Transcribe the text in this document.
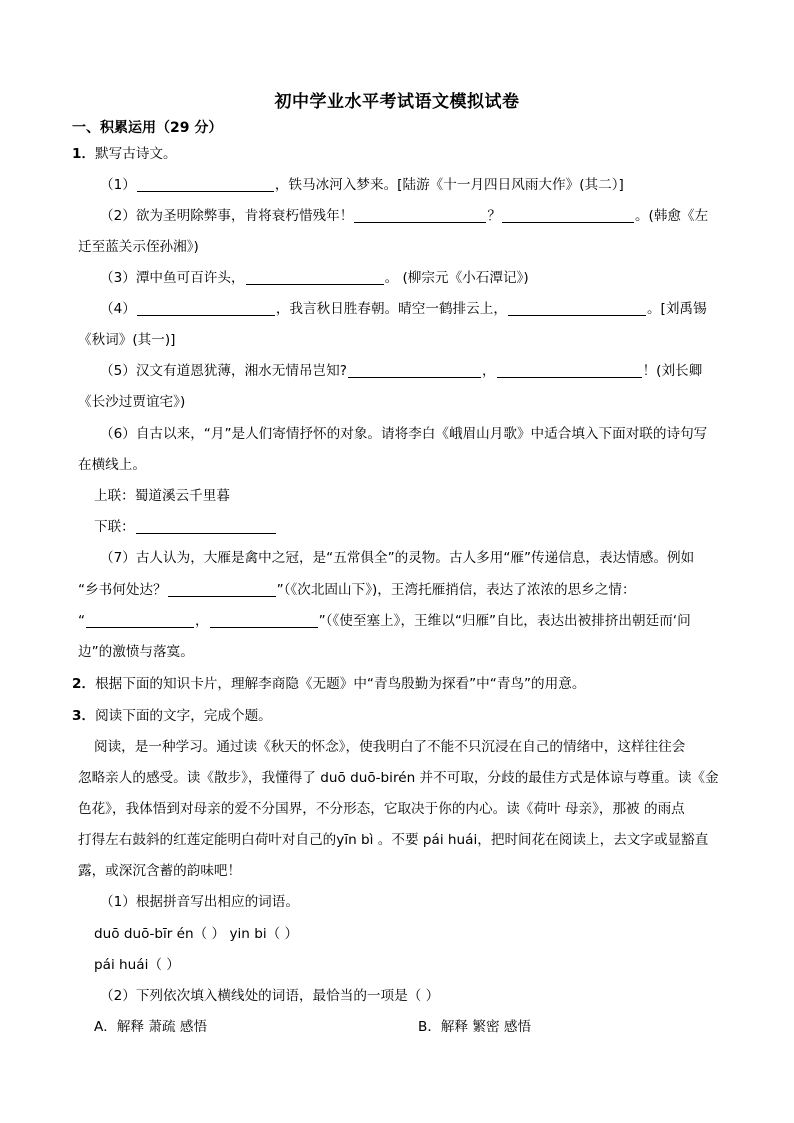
初中学业水平考试语文模拟试卷
一、积累运用（29 分）
1．默写古诗文。
（1）	，铁马冰河入梦来。[陆游《十一月四日风雨大作》(其二）]
（2）欲为圣明除弊事，肯将衰朽惜残年！	？	。(韩愈《左
迁至蓝关示侄孙湘》)
（3）潭中鱼可百许头，	。 (柳宗元《小石潭记》)
（4）	，我言秋日胜春朝。晴空一鹤排云上，	。[刘禹锡
《秋词》(其一)]
（5）汉文有道恩犹薄，湘水无情吊岂知?	，	！(刘长卿
《长沙过贾谊宅》)
（6）自古以来，“月”是人们寄情抒怀的对象。请将李白《峨眉山月歌》中适合填入下面对联的诗句写
在横线上。
上联：蜀道溪云千里暮
下联：
（7）古人认为，大雁是禽中之冠，是“五常俱全”的灵物。古人多用“雁”传递信息，表达情感。例如
“乡书何处达？	”（《次北固山下》)，王湾托雁捎信，表达了浓浓的思乡之情：
“	，	”（《使至塞上》，王维以“归雁”自比，表达出被排挤出朝廷而‘问
边”的激愤与落寞。
2．根据下面的知识卡片，理解李商隐《无题》中“青鸟殷勤为探看”中“青鸟”的用意。
3．阅读下面的文字，完成个题。
阅读，是一种学习。通过读《秋天的怀念》，使我明白了不能不只沉浸在自己的情绪中，这样往往会
忽略亲人的感受。读《散步》，我懂得了 duō duō-birén 并不可取，分歧的最佳方式是体谅与尊重。读《金
色花》，我体悟到对母亲的爱不分国界，不分形态，它取决于你的内心。读《荷叶 母亲》，那被 的雨点
打得左右鼓斜的红莲定能明白荷叶对自己的yīn bì 。不要 pái huái，把时间花在阅读上，去文字或显豁直
露，或深沉含蓄的韵味吧！
（1）根据拼音写出相应的词语。
duō duō-bīr én（ ） yin bi（ ）
pái huái（ ）
（2）下列依次填入横线处的词语，最恰当的一项是（ ）
A．解释 萧疏 感悟	B．解释 繁密 感悟
